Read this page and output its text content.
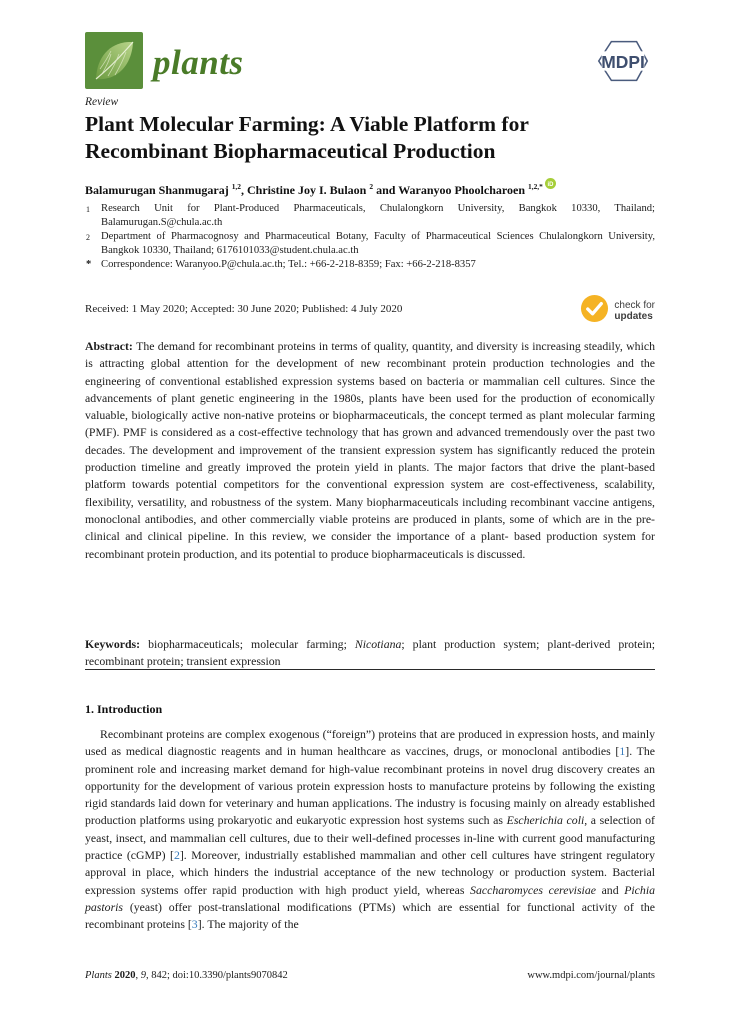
plants	MDPI
Review
Plant Molecular Farming: A Viable Platform for
Recombinant Biopharmaceutical Production
Balamurugan Shanmugaraj $^{1,2}$, Christine Joy I. Bulaon $^2$ and Waranyoo Phoolcharoen $^{1,2,*}$ iD
1	Research Unit for Plant-Produced Pharmaceuticals, Chulalongkorn University, Bangkok 10330, Thailand; Balamurugan.S@chula.ac.th
2	Department of Pharmacognosy and Pharmaceutical Botany, Faculty of Pharmaceutical Sciences Chulalongkorn University, Bangkok 10330, Thailand; 6176101033@student.chula.ac.th
* Correspondence: Waranyoo.P@chula.ac.th; Tel.: +66-2-218-8359; Fax: +66-2-218-8357
Received: 1 May 2020; Accepted: 30 June 2020; Published: 4 July 2020	check for
updates
Abstract: The demand for recombinant proteins in terms of quality, quantity, and diversity is increasing steadily, which is attracting global attention for the development of new recombinant protein production technologies and the engineering of conventional established expression systems based on bacteria or mammalian cell cultures. Since the advancements of plant genetic engineering in the 1980s, plants have been used for the production of economically valuable, biologically active non-native proteins or biopharmaceuticals, the concept termed as plant molecular farming (PMF). PMF is considered as a cost-effective technology that has grown and advanced tremendously over the past two decades. The development and improvement of the transient expression system has significantly reduced the protein production timeline and greatly improved the protein yield in plants. The major factors that drive the plant-based platform towards potential competitors for the conventional expression system are cost-effectiveness, scalability, flexibility, versatility, and robustness of the system. Many biopharmaceuticals including recombinant vaccine antigens, monoclonal antibodies, and other commercially viable proteins are produced in plants, some of which are in the pre-clinical and clinical pipeline. In this review, we consider the importance of a plant- based production system for recombinant protein production, and its potential to produce biopharmaceuticals is discussed.
Keywords: biopharmaceuticals; molecular farming; Nicotiana; plant production system; plant-derived protein; recombinant protein; transient expression
1. Introduction
Recombinant proteins are complex exogenous (“foreign”) proteins that are produced in expression hosts, and mainly used as medical diagnostic reagents and in human healthcare as vaccines, drugs, or monoclonal antibodies [1]. The prominent role and increasing market demand for high-value recombinant proteins in novel drug discovery creates an opportunity for the development of various protein expression hosts to manufacture proteins by following the existing rigid standards laid down for veterinary and human applications. The industry is focusing mainly on already established production platforms using prokaryotic and eukaryotic expression host systems such as Escherichia coli, a selection of yeast, insect, and mammalian cell cultures, due to their well-defined processes in-line with current good manufacturing practice (cGMP) [2]. Moreover, industrially established mammalian and other cell cultures have stringent regulatory approval in place, which hinders the industrial acceptance of the new technology or production system. Bacterial expression systems offer rapid production with high product yield, whereas Saccharomyces cerevisiae and Pichia pastoris (yeast) offer post-translational modifications (PTMs) which are essential for functional activity of the recombinant proteins [3]. The majority of the
Plants 2020, 9, 842; doi:10.3390/plants9070842	www.mdpi.com/journal/plants
